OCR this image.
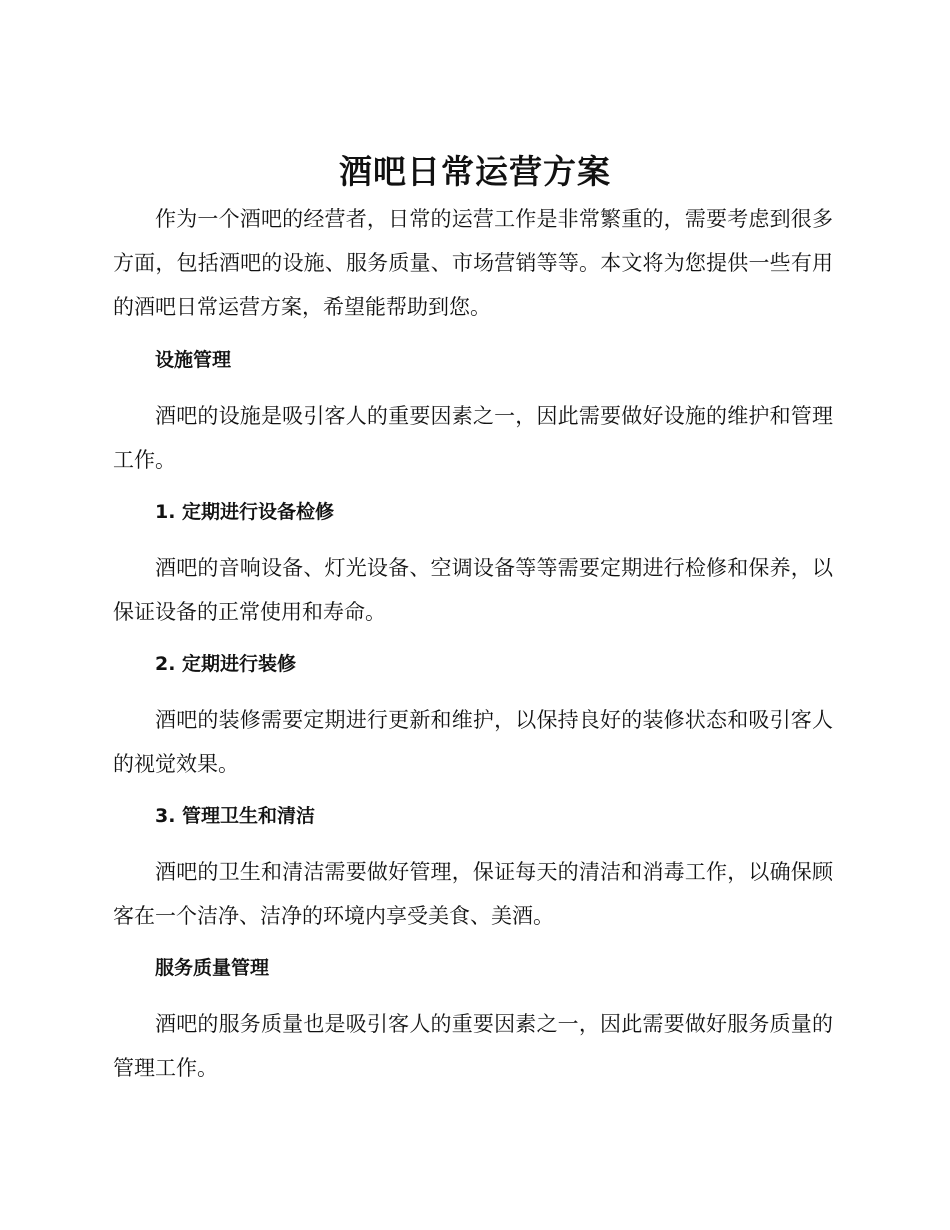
酒吧日常运营方案

作为一个酒吧的经营者，日常的运营工作是非常繁重的，需要考虑到很多方面，包括酒吧的设施、服务质量、市场营销等等。本文将为您提供一些有用的酒吧日常运营方案，希望能帮助到您。

设施管理

酒吧的设施是吸引客人的重要因素之一，因此需要做好设施的维护和管理工作。

1. 定期进行设备检修

酒吧的音响设备、灯光设备、空调设备等等需要定期进行检修和保养，以保证设备的正常使用和寿命。

2. 定期进行装修

酒吧的装修需要定期进行更新和维护，以保持良好的装修状态和吸引客人的视觉效果。

3. 管理卫生和清洁

酒吧的卫生和清洁需要做好管理，保证每天的清洁和消毒工作，以确保顾客在一个洁净、洁净的环境内享受美食、美酒。

服务质量管理

酒吧的服务质量也是吸引客人的重要因素之一，因此需要做好服务质量的管理工作。
